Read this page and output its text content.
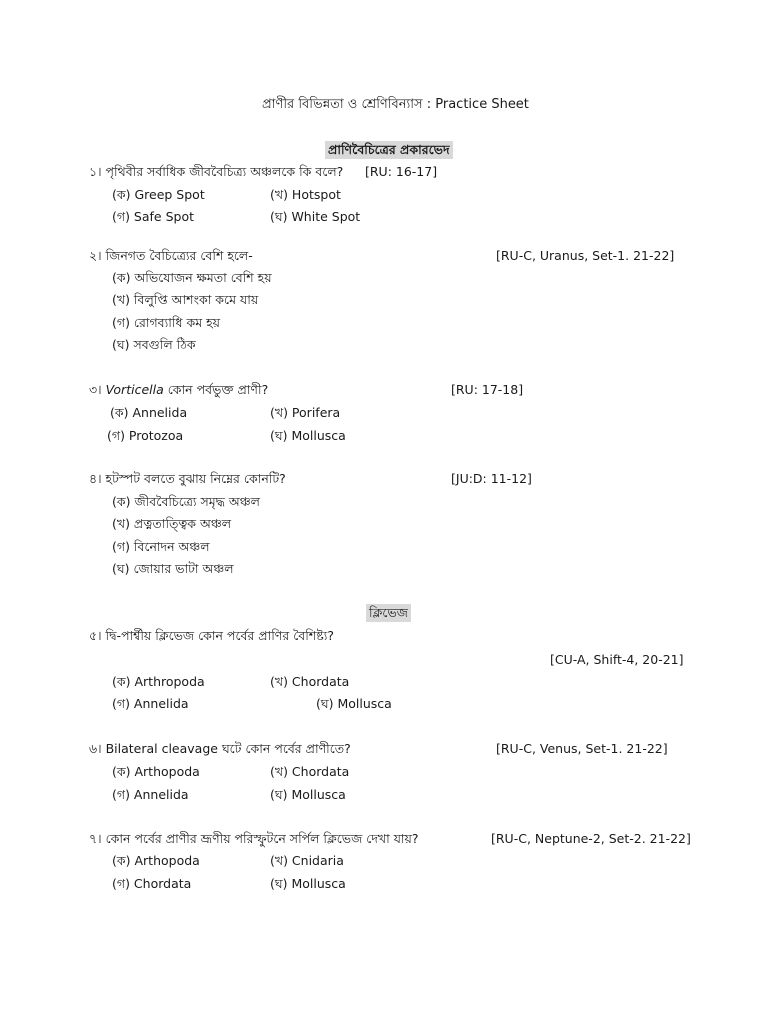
প্রাণীর বিভিন্নতা ও শ্রেণিবিন্যাস : Practice Sheet
প্রাণিবৈচিত্রের প্রকারভেদ
১। পৃথিবীর সর্বাধিক জীববৈচিত্র্য অঞ্চলকে কি বলে? [RU: 16-17]
(ক) Greep Spot	(খ) Hotspot
(গ) Safe Spot	(ঘ) White Spot
২। জিনগত বৈচিত্র্যের বেশি হলে-	[RU-C, Uranus, Set-1. 21-22]
(ক) অভিযোজন ক্ষমতা বেশি হয়
(খ) বিলুপ্তি আশংকা কমে যায়
(গ) রোগব্যাধি কম হয়
(ঘ) সবগুলি ঠিক
৩। Vorticella কোন পর্বভুক্ত প্রাণী?	[RU: 17-18]
(ক) Annelida	(খ) Porifera
(গ) Protozoa	(ঘ) Mollusca
৪। হটস্পট বলতে বুঝায় নিম্নের কোনটি?	[JU:D: 11-12]
(ক) জীববৈচিত্র্যে সমৃদ্ধ অঞ্চল
(খ) প্রত্নতাত্ত্বিক অঞ্চল
(গ) বিনোদন অঞ্চল
(ঘ) জোয়ার ভাটা অঞ্চল
ক্লিভেজ
৫। দ্বি-পার্শ্বীয় ক্লিভেজ কোন পর্বের প্রাণির বৈশিষ্ট্য?
[CU-A, Shift-4, 20-21]
(ক) Arthropoda	(খ) Chordata
(গ) Annelida	(ঘ) Mollusca
৬। Bilateral cleavage ঘটে কোন পর্বের প্রাণীতে?	[RU-C, Venus, Set-1. 21-22]
(ক) Arthopoda	(খ) Chordata
(গ) Annelida	(ঘ) Mollusca
৭। কোন পর্বের প্রাণীর ভ্রূণীয় পরিস্ফুটনে সর্পিল ক্লিভেজ দেখা যায়?	[RU-C, Neptune-2, Set-2. 21-22]
(ক) Arthopoda	(খ) Cnidaria
(গ) Chordata	(ঘ) Mollusca
